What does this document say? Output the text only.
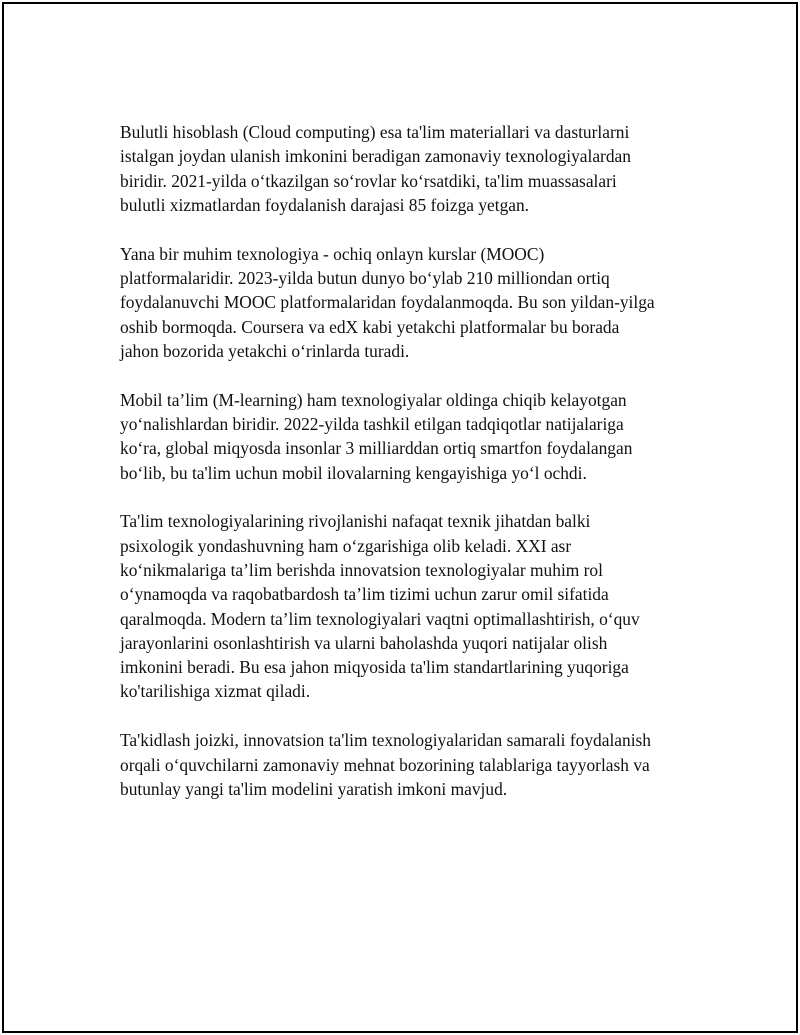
Bulutli hisoblash (Cloud computing) esa ta'lim materiallari va dasturlarni
istalgan joydan ulanish imkonini beradigan zamonaviy texnologiyalardan
biridir. 2021-yilda o‘tkazilgan so‘rovlar ko‘rsatdiki, ta'lim muassasalari
bulutli xizmatlardan foydalanish darajasi 85 foizga yetgan.

Yana bir muhim texnologiya - ochiq onlayn kurslar (MOOC)
platformalaridir. 2023-yilda butun dunyo bo‘ylab 210 milliondan ortiq
foydalanuvchi MOOC platformalaridan foydalanmoqda. Bu son yildan-yilga
oshib bormoqda. Coursera va edX kabi yetakchi platformalar bu borada
jahon bozorida yetakchi o‘rinlarda turadi.

Mobil ta’lim (M-learning) ham texnologiyalar oldinga chiqib kelayotgan
yo‘nalishlardan biridir. 2022-yilda tashkil etilgan tadqiqotlar natijalariga
ko‘ra, global miqyosda insonlar 3 milliarddan ortiq smartfon foydalangan
bo‘lib, bu ta'lim uchun mobil ilovalarning kengayishiga yo‘l ochdi.

Ta'lim texnologiyalarining rivojlanishi nafaqat texnik jihatdan balki
psixologik yondashuvning ham o‘zgarishiga olib keladi. XXI asr
ko‘nikmalariga ta’lim berishda innovatsion texnologiyalar muhim rol
o‘ynamoqda va raqobatbardosh ta’lim tizimi uchun zarur omil sifatida
qaralmoqda. Modern ta’lim texnologiyalari vaqtni optimallashtirish, o‘quv
jarayonlarini osonlashtirish va ularni baholashda yuqori natijalar olish
imkonini beradi. Bu esa jahon miqyosida ta'lim standartlarining yuqoriga
ko'tarilishiga xizmat qiladi.

Ta'kidlash joizki, innovatsion ta'lim texnologiyalaridan samarali foydalanish
orqali o‘quvchilarni zamonaviy mehnat bozorining talablariga tayyorlash va
butunlay yangi ta'lim modelini yaratish imkoni mavjud.
